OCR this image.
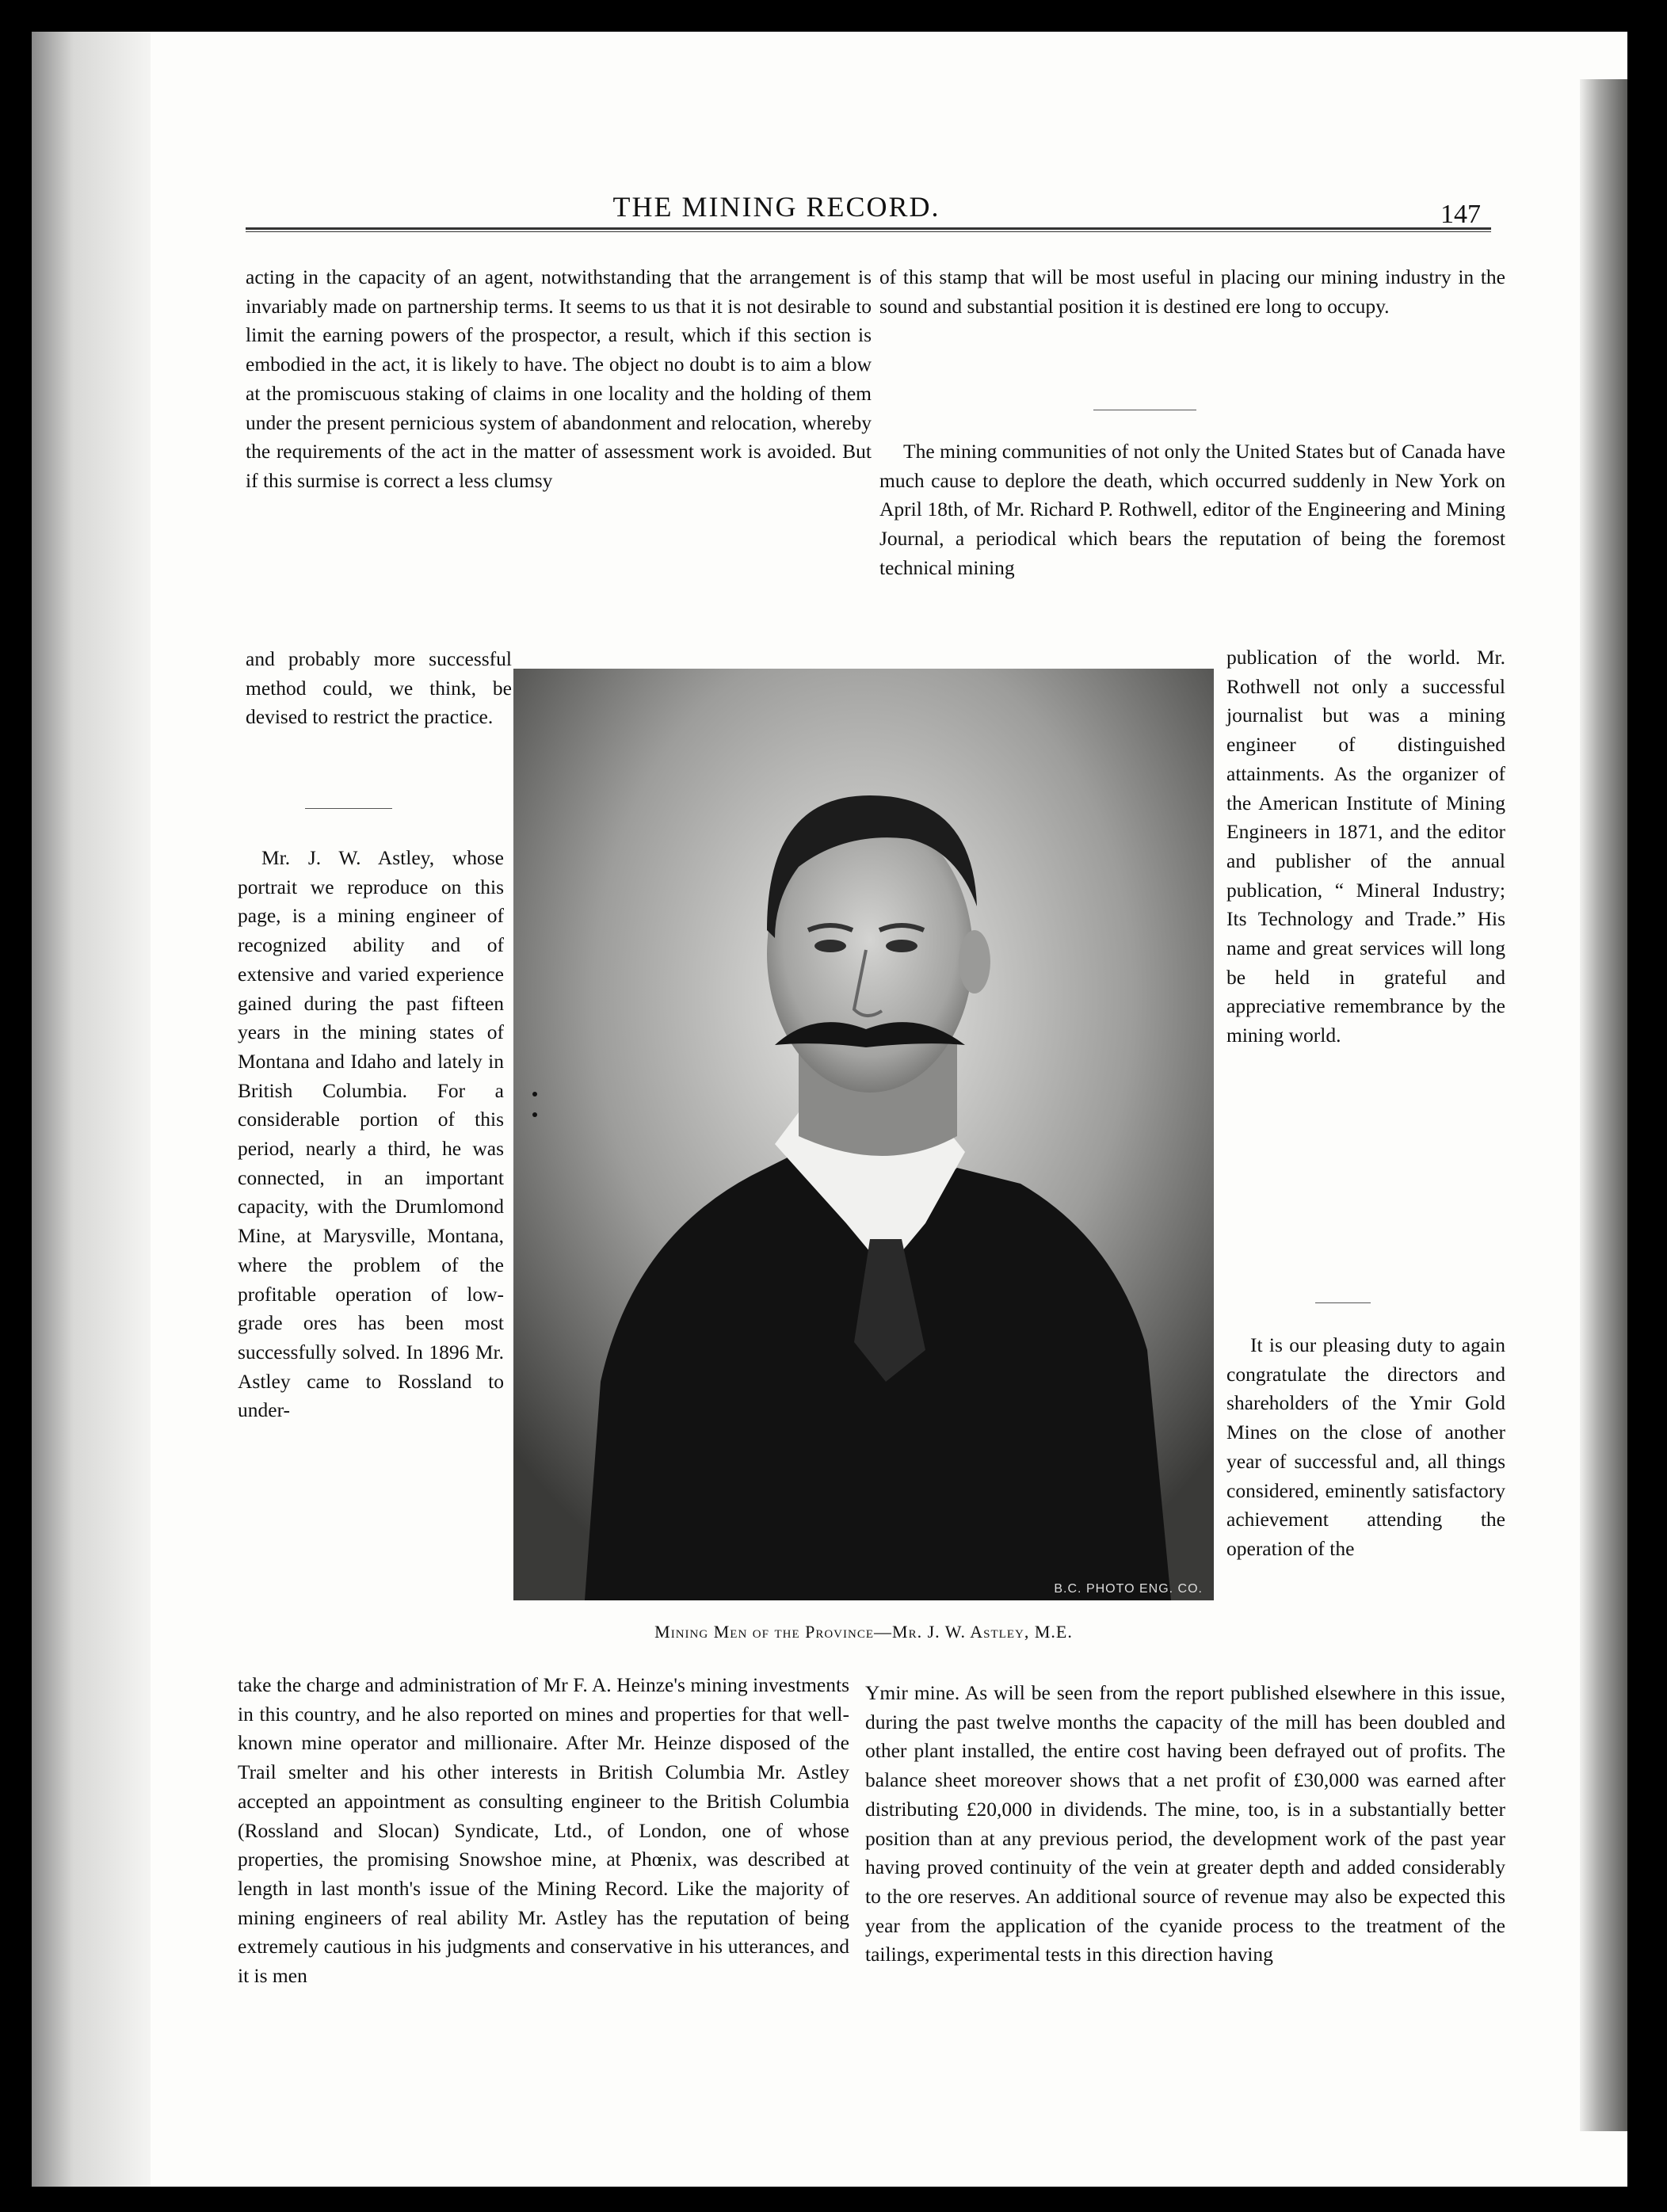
THE MINING RECORD.	147

acting in the capacity of an agent, notwithstanding that the arrangement is invariably made on partnership terms. It seems to us that it is not desirable to limit the earning powers of the prospector, a result, which if this section is embodied in the act, it is likely to have. The object no doubt is to aim a blow at the promiscuous staking of claims in one locality and the holding of them under the present pernicious system of abandonment and relocation, whereby the requirements of the act in the matter of assessment work is avoided. But if this surmise is correct a less clumsy

and probably more successful method could, we think, be devised to restrict the practice.

Mr. J. W. Astley, whose portrait we reproduce on this page, is a mining engineer of recognized ability and of extensive and varied experience gained during the past fifteen years in the mining states of Montana and Idaho and lately in British Columbia. For a considerable portion of this period, nearly a third, he was connected, in an important capacity, with the Drumlomond Mine, at Marysville, Montana, where the problem of the profitable operation of low-grade ores has been most successfully solved. In 1896 Mr. Astley came to Rossland to under-

take the charge and administration of Mr F. A. Heinze's mining investments in this country, and he also reported on mines and properties for that well-known mine operator and millionaire. After Mr. Heinze disposed of the Trail smelter and his other interests in British Columbia Mr. Astley accepted an appointment as consulting engineer to the British Columbia (Rossland and Slocan) Syndicate, Ltd., of London, one of whose properties, the promising Snowshoe mine, at Phœnix, was described at length in last month's issue of the Mining Record. Like the majority of mining engineers of real ability Mr. Astley has the reputation of being extremely cautious in his judgments and conservative in his utterances, and it is men

of this stamp that will be most useful in placing our mining industry in the sound and substantial position it is destined ere long to occupy.

The mining communities of not only the United States but of Canada have much cause to deplore the death, which occurred suddenly in New York on April 18th, of Mr. Richard P. Rothwell, editor of the Engineering and Mining Journal, a periodical which bears the reputation of being the foremost technical mining

publication of the world. Mr. Rothwell not only a successful journalist but was a mining engineer of distinguished attainments. As the organizer of the American Institute of Mining Engineers in 1871, and the editor and publisher of the annual publication, “ Mineral Industry; Its Technology and Trade.” His name and great services will long be held in grateful and appreciative remembrance by the mining world.

It is our pleasing duty to again congratulate the directors and shareholders of the Ymir Gold Mines on the close of another year of successful and, all things considered, eminently satisfactory achievement attending the operation of the

Ymir mine. As will be seen from the report published elsewhere in this issue, during the past twelve months the capacity of the mill has been doubled and other plant installed, the entire cost having been defrayed out of profits. The balance sheet moreover shows that a net profit of £30,000 was earned after distributing £20,000 in dividends. The mine, too, is in a substantially better position than at any previous period, the development work of the past year having proved continuity of the vein at greater depth and added considerably to the ore reserves. An additional source of revenue may also be expected this year from the application of the cyanide process to the treatment of the tailings, experimental tests in this direction having

B.C. PHOTO ENG. CO.
Mining Men of the Province—Mr. J. W. Astley, M.E.
